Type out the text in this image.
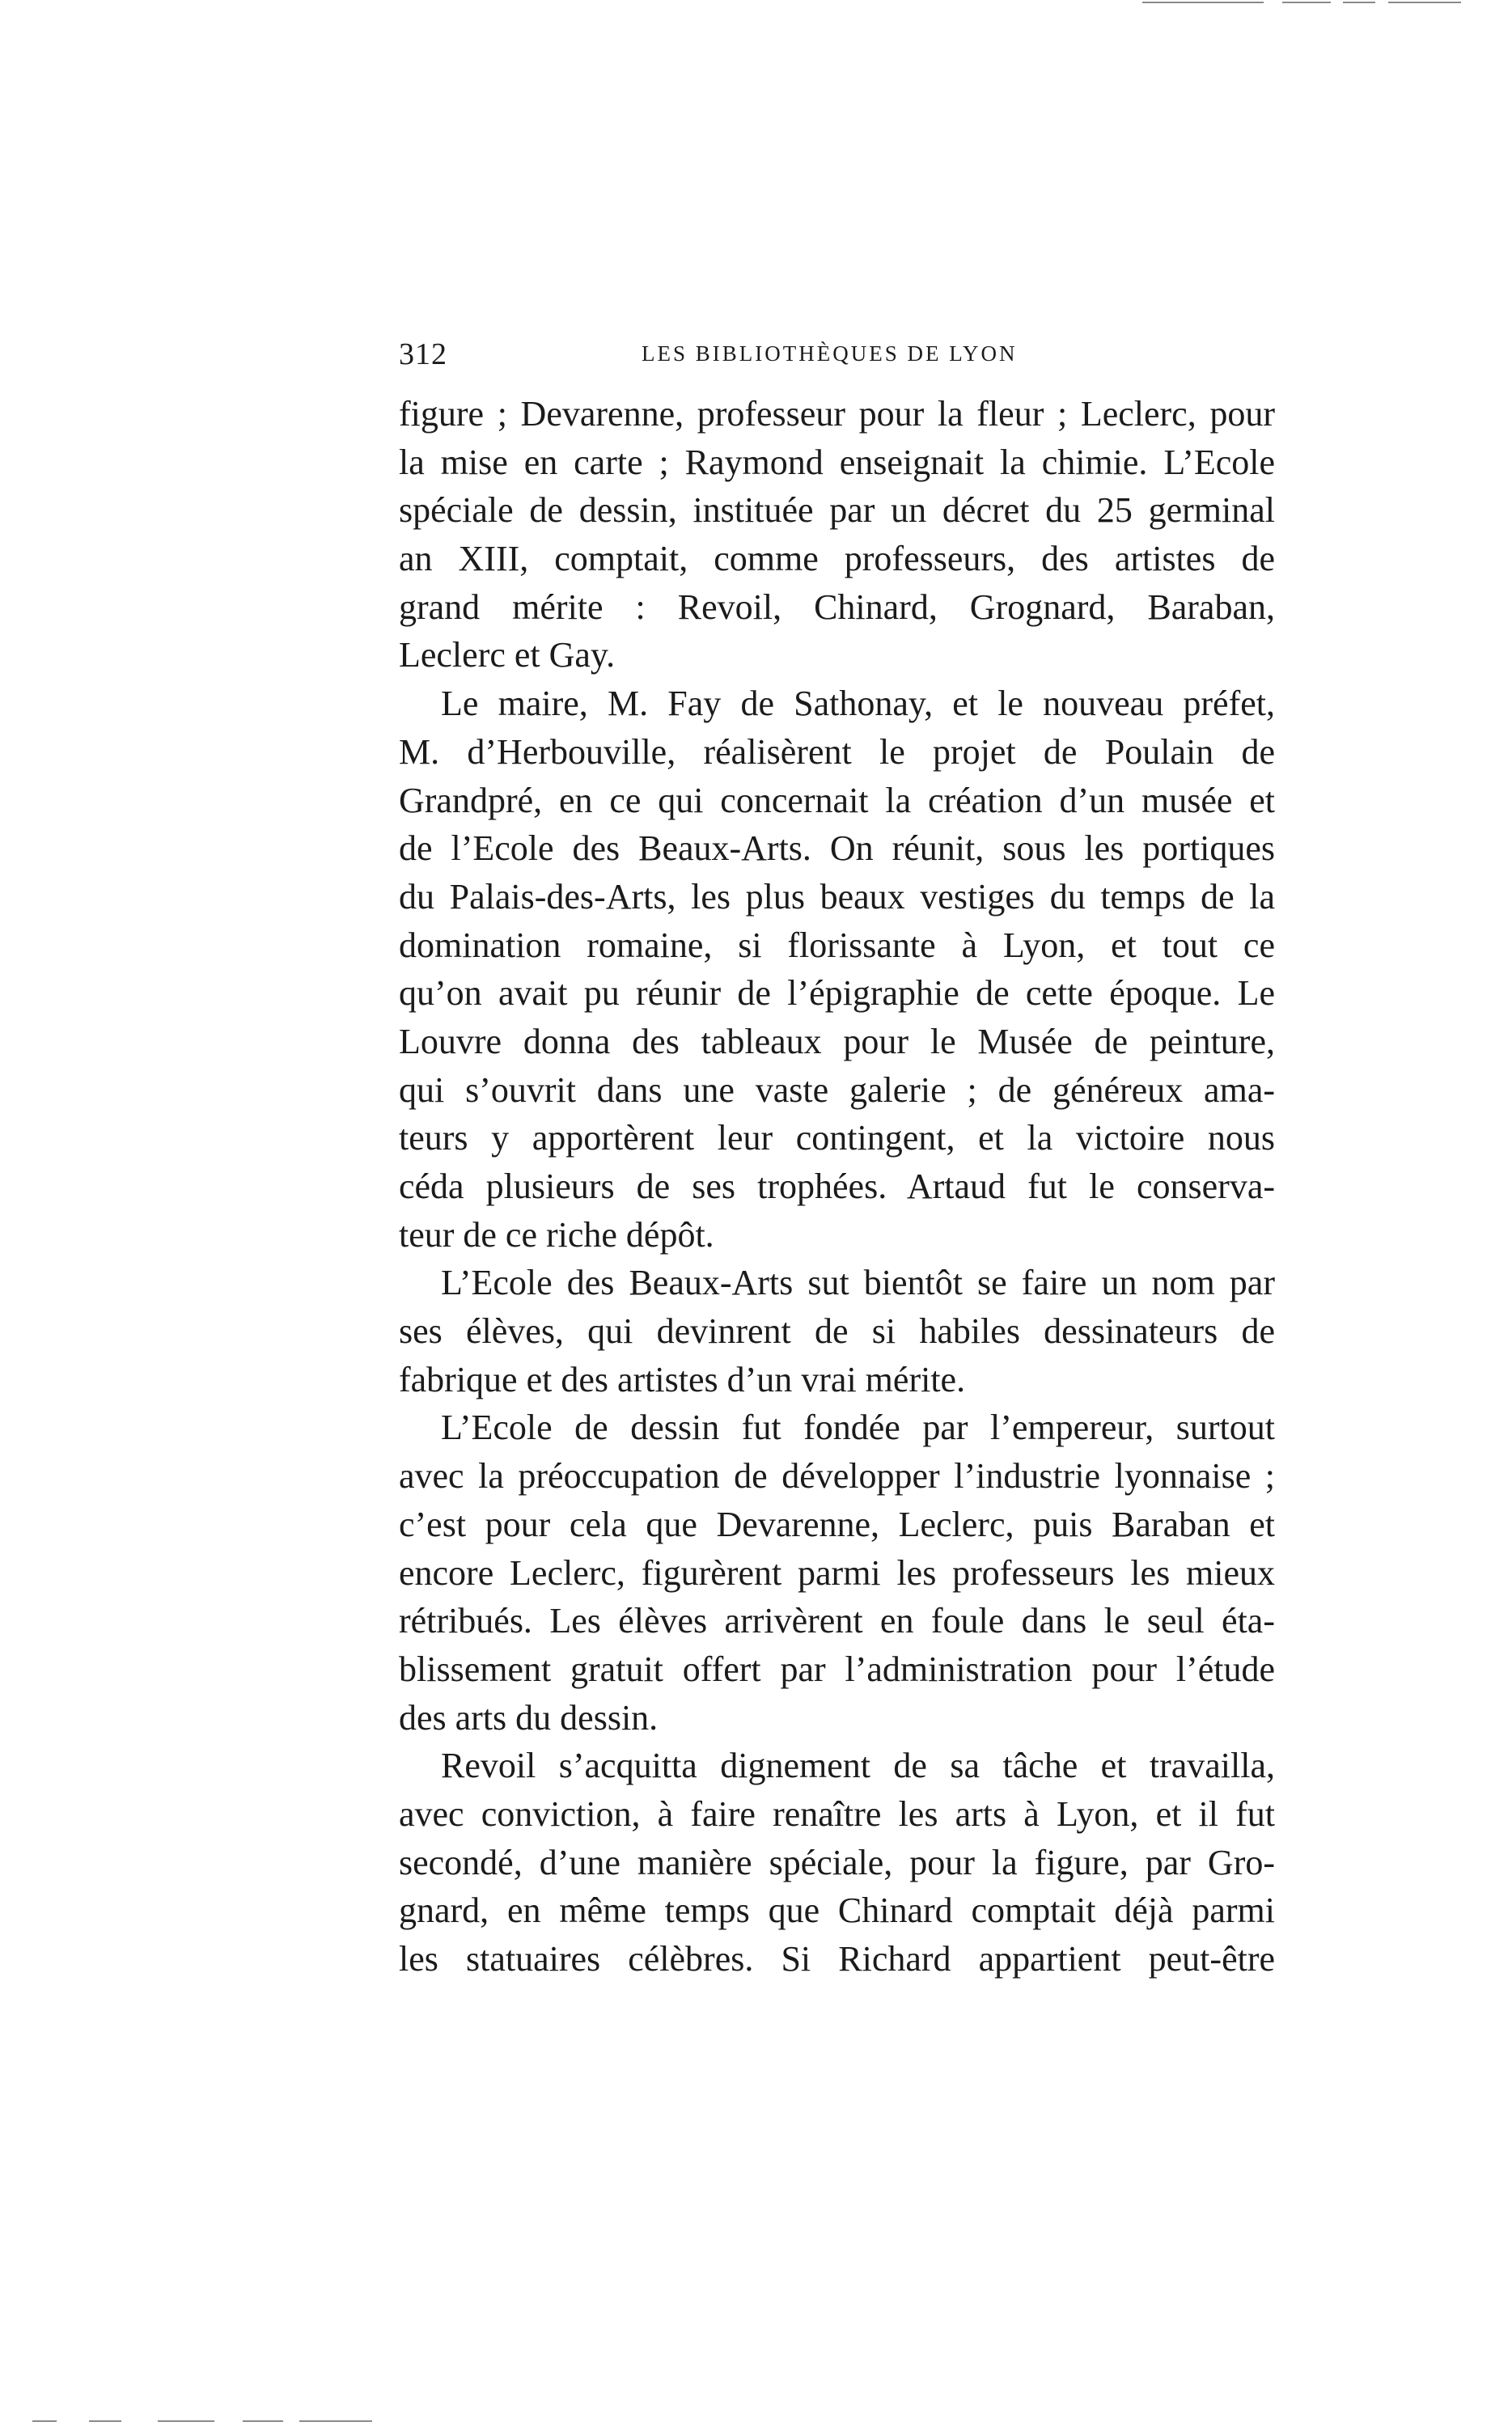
312	LES BIBLIOTHÈQUES DE LYON
figure ; Devarenne, professeur pour la fleur ; Leclerc, pour
la mise en carte ; Raymond enseignait la chimie. L’Ecole
spéciale de dessin, instituée par un décret du 25 germinal
an XIII, comptait, comme professeurs, des artistes de
grand mérite : Revoil, Chinard, Grognard, Baraban,
Leclerc et Gay.
Le maire, M. Fay de Sathonay, et le nouveau préfet,
M. d’Herbouville, réalisèrent le projet de Poulain de
Grandpré, en ce qui concernait la création d’un musée et
de l’Ecole des Beaux-Arts. On réunit, sous les portiques
du Palais-des-Arts, les plus beaux vestiges du temps de la
domination romaine, si florissante à Lyon, et tout ce
qu’on avait pu réunir de l’épigraphie de cette époque. Le
Louvre donna des tableaux pour le Musée de peinture,
qui s’ouvrit dans une vaste galerie ; de généreux ama-
teurs y apportèrent leur contingent, et la victoire nous
céda plusieurs de ses trophées. Artaud fut le conserva-
teur de ce riche dépôt.
L’Ecole des Beaux-Arts sut bientôt se faire un nom par
ses élèves, qui devinrent de si habiles dessinateurs de
fabrique et des artistes d’un vrai mérite.
L’Ecole de dessin fut fondée par l’empereur, surtout
avec la préoccupation de développer l’industrie lyonnaise ;
c’est pour cela que Devarenne, Leclerc, puis Baraban et
encore Leclerc, figurèrent parmi les professeurs les mieux
rétribués. Les élèves arrivèrent en foule dans le seul éta-
blissement gratuit offert par l’administration pour l’étude
des arts du dessin.
Revoil s’acquitta dignement de sa tâche et travailla,
avec conviction, à faire renaître les arts à Lyon, et il fut
secondé, d’une manière spéciale, pour la figure, par Gro-
gnard, en même temps que Chinard comptait déjà parmi
les statuaires célèbres. Si Richard appartient peut-être
